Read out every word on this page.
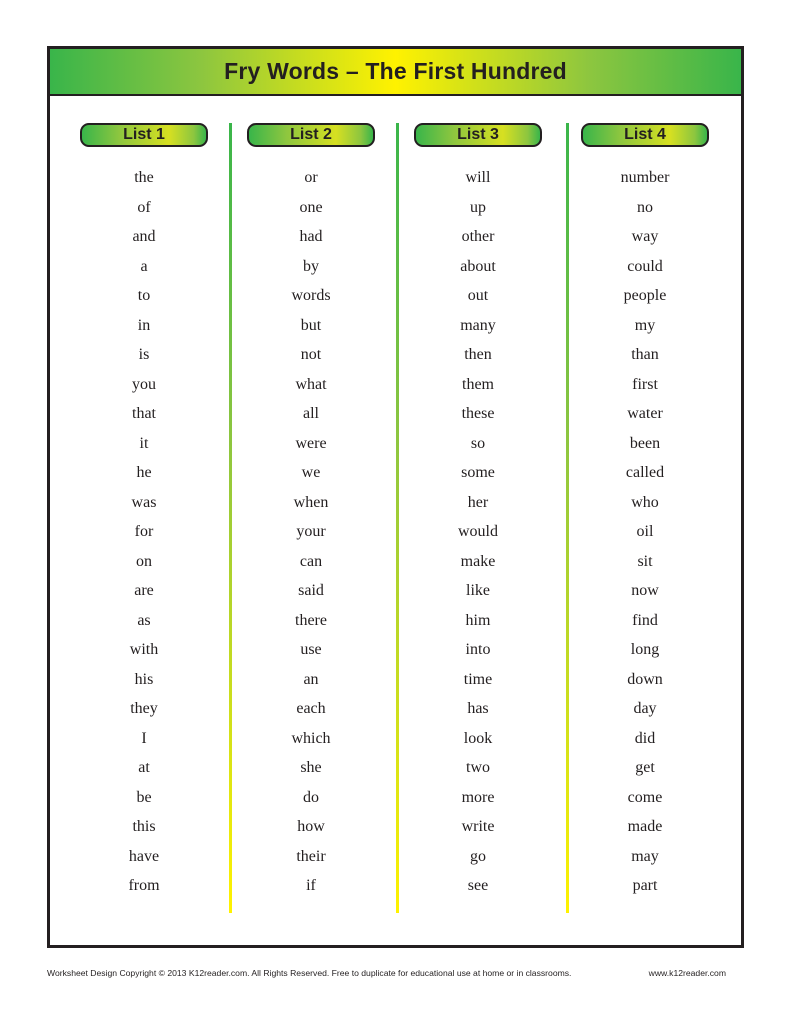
Fry Words – The First Hundred
List 1
the
of
and
a
to
in
is
you
that
it
he
was
for
on
are
as
with
his
they
I
at
be
this
have
from
List 2
or
one
had
by
words
but
not
what
all
were
we
when
your
can
said
there
use
an
each
which
she
do
how
their
if
List 3
will
up
other
about
out
many
then
them
these
so
some
her
would
make
like
him
into
time
has
look
two
more
write
go
see
List 4
number
no
way
could
people
my
than
first
water
been
called
who
oil
sit
now
find
long
down
day
did
get
come
made
may
part
Worksheet Design Copyright © 2013 K12reader.com. All Rights Reserved. Free to duplicate for educational use at home or in classrooms.	www.k12reader.com
